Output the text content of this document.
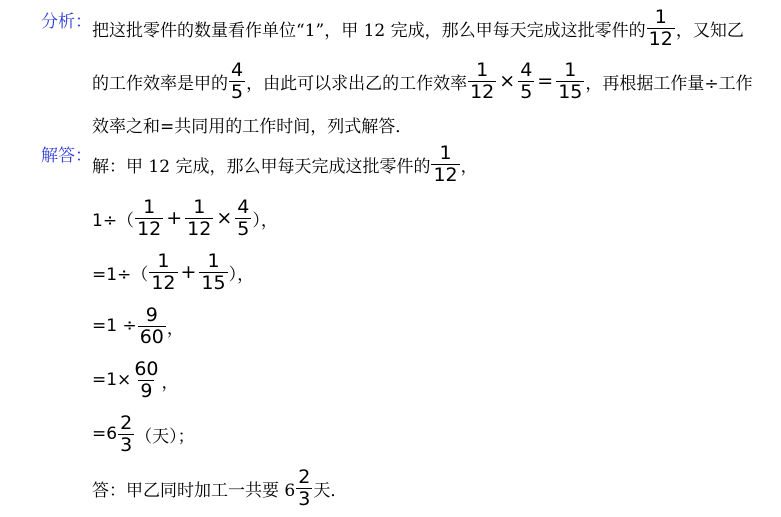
分析： 把这批零件的数量看作单位“1”，甲 12 完成，那么甲每天完成这批零件的 $\frac{1}{12}$ ，又知乙
的工作效率是甲的 $\frac{4}{5}$ ，由此可以求出乙的工作效率 $\frac{1}{12} \times \frac{4}{5} = \frac{1}{15}$ ，再根据工作量÷工作
效率之和=共同用的工作时间，列式解答．
解答：
解：甲 12 完成，那么甲每天完成这批零件的 $\frac{1}{12}$ ，
$1\div( \frac{1}{12} + \frac{1}{12} \times \frac{4}{5}$ ），
$=1\div( \frac{1}{12} + \frac{1}{15}$ ），
$=1 \div \frac{9}{60}$ ，
$=1\times \frac{60}{9}$ ，
$=6 \frac{2}{3}$ （天）；
答：甲乙同时加工一共要 $6 \frac{2}{3}$ 天．
